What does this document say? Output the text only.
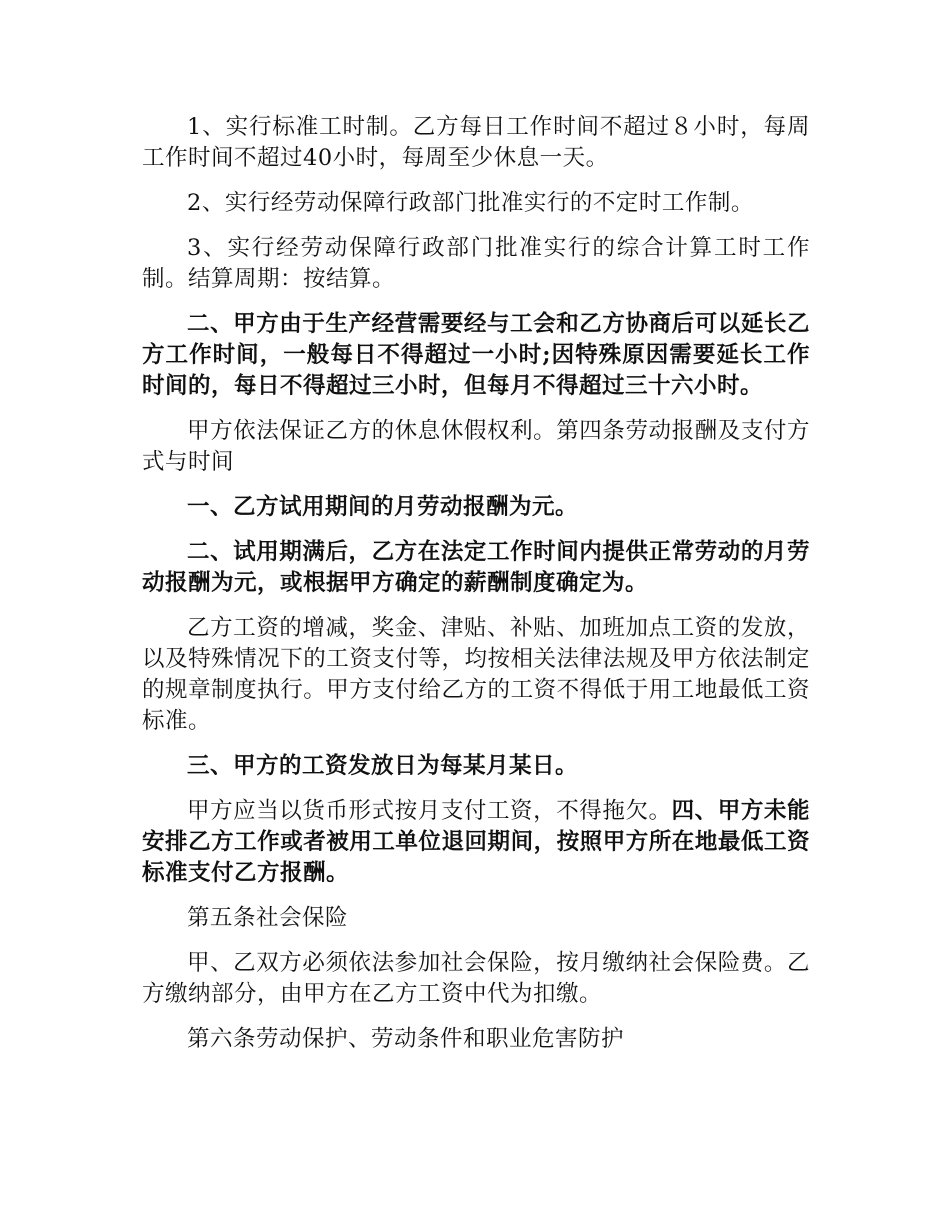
1、实行标准工时制。乙方每日工作时间不超过８小时，每周工作时间不超过40小时，每周至少休息一天。

2、实行经劳动保障行政部门批准实行的不定时工作制。

3、实行经劳动保障行政部门批准实行的综合计算工时工作制。结算周期：按结算。

二、甲方由于生产经营需要经与工会和乙方协商后可以延长乙方工作时间，一般每日不得超过一小时;因特殊原因需要延长工作时间的，每日不得超过三小时，但每月不得超过三十六小时。

甲方依法保证乙方的休息休假权利。第四条劳动报酬及支付方式与时间

一、乙方试用期间的月劳动报酬为元。

二、试用期满后，乙方在法定工作时间内提供正常劳动的月劳动报酬为元，或根据甲方确定的薪酬制度确定为。

乙方工资的增减，奖金、津贴、补贴、加班加点工资的发放，以及特殊情况下的工资支付等，均按相关法律法规及甲方依法制定的规章制度执行。甲方支付给乙方的工资不得低于用工地最低工资标准。

三、甲方的工资发放日为每某月某日。

甲方应当以货币形式按月支付工资，不得拖欠。四、甲方未能安排乙方工作或者被用工单位退回期间，按照甲方所在地最低工资标准支付乙方报酬。

第五条社会保险

甲、乙双方必须依法参加社会保险，按月缴纳社会保险费。乙方缴纳部分，由甲方在乙方工资中代为扣缴。

第六条劳动保护、劳动条件和职业危害防护
